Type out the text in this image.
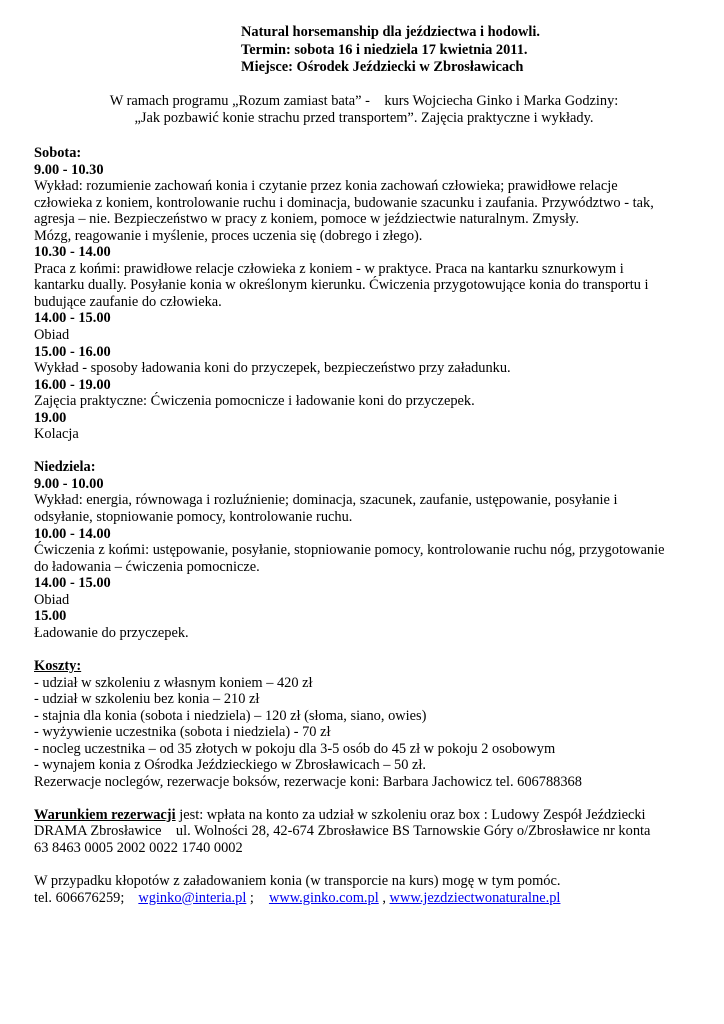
Natural horsemanship dla jeździectwa i hodowli.
Termin: sobota 16 i niedziela 17 kwietnia 2011.
Miejsce: Ośrodek Jeździecki w Zbrosławicach
W ramach programu „Rozum zamiast bata” -    kurs Wojciecha Ginko i Marka Godziny:
„Jak pozbawić konie strachu przed transportem”. Zajęcia praktyczne i wykłady.
Sobota:
9.00 - 10.30
Wykład: rozumienie zachowań konia i czytanie przez konia zachowań człowieka; prawidłowe relacje
człowieka z koniem, kontrolowanie ruchu i dominacja, budowanie szacunku i zaufania. Przywództwo - tak,
agresja – nie. Bezpieczeństwo w pracy z koniem, pomoce w jeździectwie naturalnym. Zmysły.
Mózg, reagowanie i myślenie, proces uczenia się (dobrego i złego).
10.30 - 14.00
Praca z końmi: prawidłowe relacje człowieka z koniem - w praktyce. Praca na kantarku sznurkowym i
kantarku dually. Posyłanie konia w określonym kierunku. Ćwiczenia przygotowujące konia do transportu i
budujące zaufanie do człowieka.
14.00 - 15.00
Obiad
15.00 - 16.00
Wykład - sposoby ładowania koni do przyczepek, bezpieczeństwo przy załadunku.
16.00 - 19.00
Zajęcia praktyczne: Ćwiczenia pomocnicze i ładowanie koni do przyczepek.
19.00
Kolacja
Niedziela:
9.00 - 10.00
Wykład: energia, równowaga i rozluźnienie; dominacja, szacunek, zaufanie, ustępowanie, posyłanie i
odsyłanie, stopniowanie pomocy, kontrolowanie ruchu.
10.00 - 14.00
Ćwiczenia z końmi: ustępowanie, posyłanie, stopniowanie pomocy, kontrolowanie ruchu nóg, przygotowanie
do ładowania – ćwiczenia pomocnicze.
14.00 - 15.00
Obiad
15.00
Ładowanie do przyczepek.
Koszty:
- udział w szkoleniu z własnym koniem – 420 zł
- udział w szkoleniu bez konia – 210 zł
- stajnia dla konia (sobota i niedziela) – 120 zł (słoma, siano, owies)
- wyżywienie uczestnika (sobota i niedziela) - 70 zł
- nocleg uczestnika – od 35 złotych w pokoju dla 3-5 osób do 45 zł w pokoju 2 osobowym
- wynajem konia z Ośrodka Jeździeckiego w Zbrosławicach – 50 zł.
Rezerwacje noclegów, rezerwacje boksów, rezerwacje koni: Barbara Jachowicz tel. 606788368
Warunkiem rezerwacji jest: wpłata na konto za udział w szkoleniu oraz box : Ludowy Zespół Jeździecki
DRAMA Zbrosławice    ul. Wolności 28, 42-674 Zbrosławice BS Tarnowskie Góry o/Zbrosławice nr konta
63 8463 0005 2002 0022 1740 0002
W przypadku kłopotów z załadowaniem konia (w transporcie na kurs) mogę w tym pomóc.
tel. 606676259; wginko@interia.pl ; www.ginko.com.pl , www.jezdziectwonaturalne.pl
